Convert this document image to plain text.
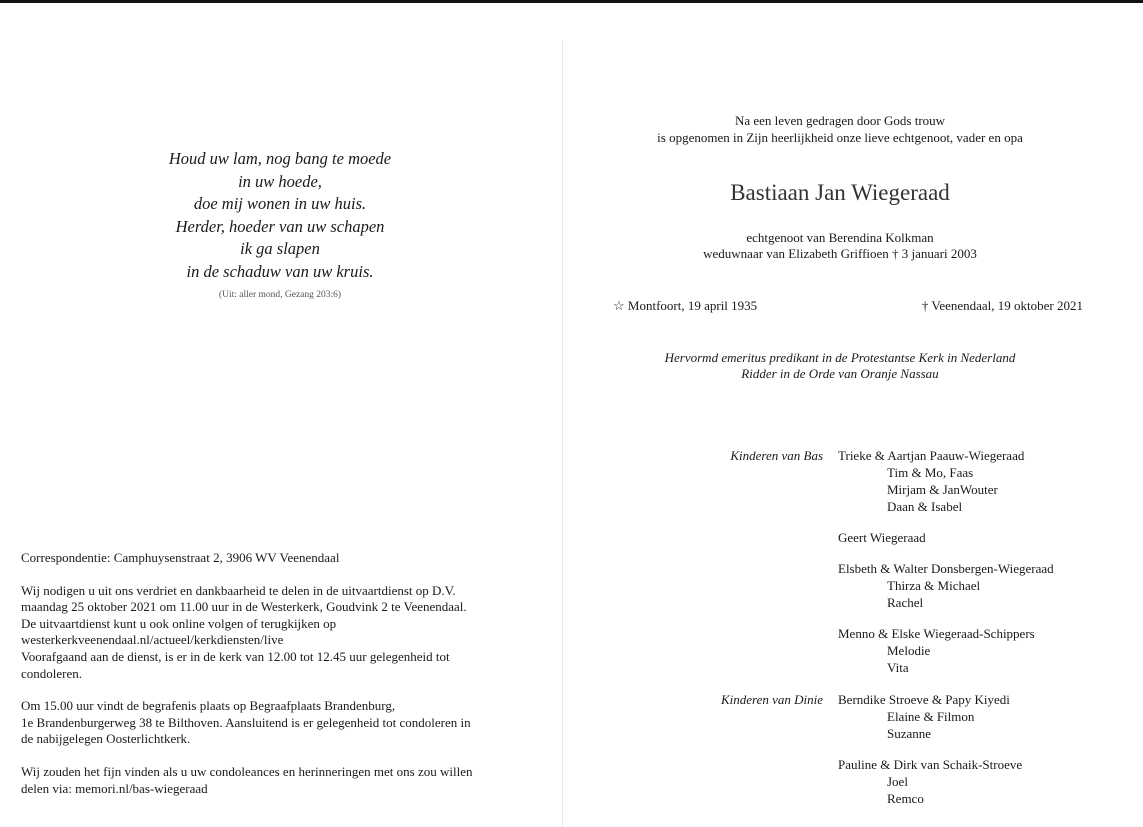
Houd uw lam, nog bang te moede
in uw hoede,
doe mij wonen in uw huis.
Herder, hoeder van uw schapen
ik ga slapen
in de schaduw van uw kruis.
(Uit: aller mond, Gezang 203:6)

Correspondentie: Camphuysenstraat 2, 3906 WV Veenendaal

Wij nodigen u uit ons verdriet en dankbaarheid te delen in de uitvaartdienst op D.V.
maandag 25 oktober 2021 om 11.00 uur in de Westerkerk, Goudvink 2 te Veenendaal.
De uitvaartdienst kunt u ook online volgen of terugkijken op
westerkerkveenendaal.nl/actueel/kerkdiensten/live
Voorafgaand aan de dienst, is er in de kerk van 12.00 tot 12.45 uur gelegenheid tot
condoleren.

Om 15.00 uur vindt de begrafenis plaats op Begraafplaats Brandenburg,
1e Brandenburgerweg 38 te Bilthoven. Aansluitend is er gelegenheid tot condoleren in
de nabijgelegen Oosterlichtkerk.

Wij zouden het fijn vinden als u uw condoleances en herinneringen met ons zou willen
delen via: memori.nl/bas-wiegeraad

Na een leven gedragen door Gods trouw
is opgenomen in Zijn heerlijkheid onze lieve echtgenoot, vader en opa
Bastiaan Jan Wiegeraad
echtgenoot van Berendina Kolkman
weduwnaar van Elizabeth Griffioen † 3 januari 2003
☆ Montfoort, 19 april 1935	† Veenendaal, 19 oktober 2021
Hervormd emeritus predikant in de Protestantse Kerk in Nederland
Ridder in de Orde van Oranje Nassau
Kinderen van Bas Trieke & Aartjan Paauw-Wiegeraad
Tim & Mo, Faas
Mirjam & JanWouter
Daan & Isabel
Geert Wiegeraad
Elsbeth & Walter Donsbergen-Wiegeraad
Thirza & Michael
Rachel
Menno & Elske Wiegeraad-Schippers
Melodie
Vita
Kinderen van Dinie Berndike Stroeve & Papy Kiyedi
Elaine & Filmon
Suzanne
Pauline & Dirk van Schaik-Stroeve
Joel
Remco
